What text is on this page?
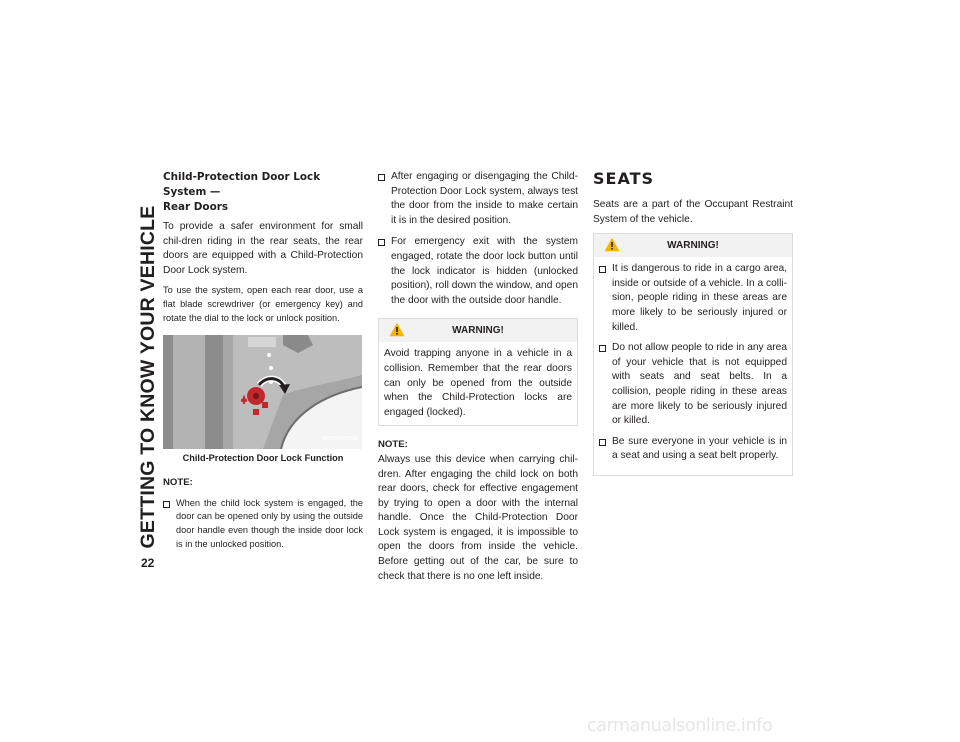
GETTING TO KNOW YOUR VEHICLE
22
Child-Protection Door Lock System —
Rear Doors

To provide a safer environment for small chil-dren riding in the rear seats, the rear doors are equipped with a Child-Protection Door Lock system.

To use the system, open each rear door, use a flat blade screwdriver (or emergency key) and rotate the dial to the lock or unlock position.

M031000003US
Child-Protection Door Lock Function
NOTE:
When the child lock system is engaged, the door can be opened only by using the outside door handle even though the inside door lock is in the unlocked position.
After engaging or disengaging the Child-Protection Door Lock system, always test the door from the inside to make certain it is in the desired position.
For emergency exit with the system engaged, rotate the door lock button until the lock indicator is hidden (unlocked position), roll down the window, and open the door with the outside door handle.
WARNING!

Avoid trapping anyone in a vehicle in a collision. Remember that the rear doors can only be opened from the outside when the Child-Protection locks are engaged (locked).

NOTE:

Always use this device when carrying chil-dren. After engaging the child lock on both rear doors, check for effective engagement by trying to open a door with the internal handle. Once the Child-Protection Door Lock system is engaged, it is impossible to open the doors from inside the vehicle. Before getting out of the car, be sure to check that there is no one left inside.

SEATS

Seats are a part of the Occupant Restraint System of the vehicle.

WARNING!
It is dangerous to ride in a cargo area, inside or outside of a vehicle. In a colli-sion, people riding in these areas are more likely to be seriously injured or killed.
Do not allow people to ride in any area of your vehicle that is not equipped with seats and seat belts. In a collision, people riding in these areas are more likely to be seriously injured or killed.
Be sure everyone in your vehicle is in a seat and using a seat belt properly.
carmanualsonline.info
